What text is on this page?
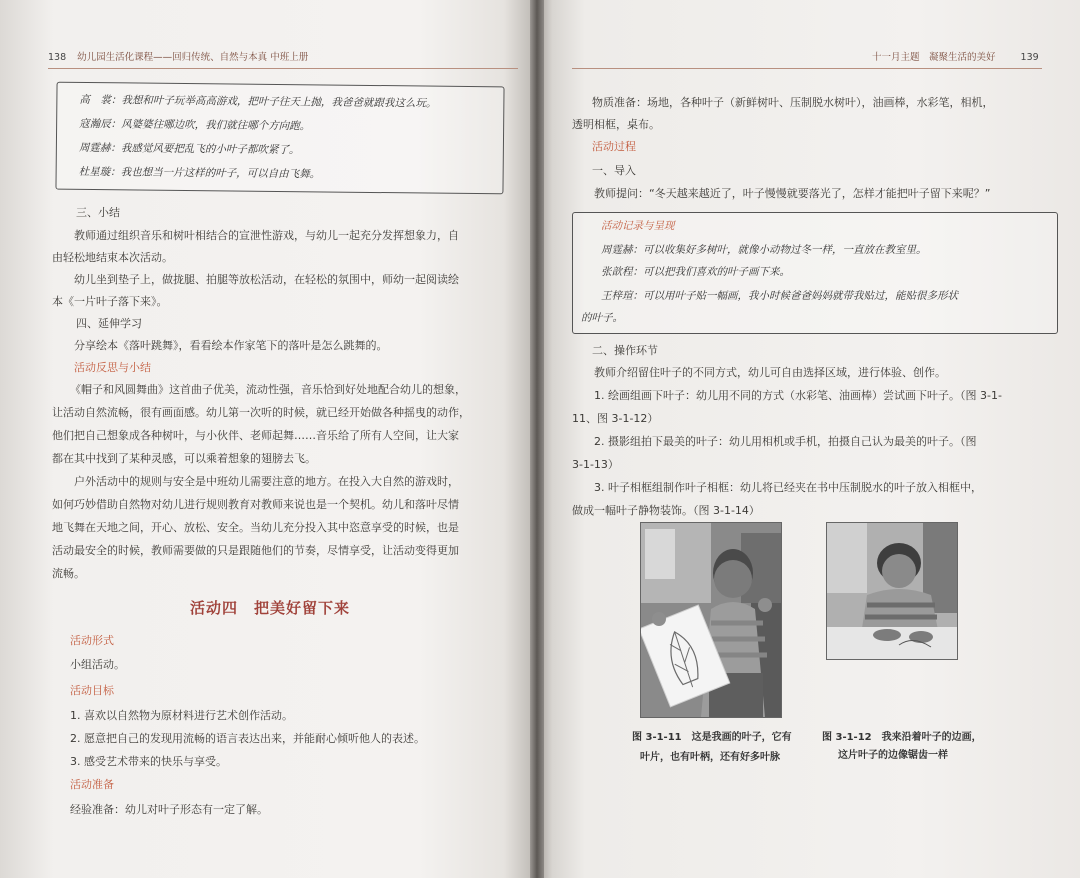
138 幼儿园生活化课程——回归传统、自然与本真 中班上册
高　裳：我想和叶子玩举高高游戏，把叶子往天上抛，我爸爸就跟我这么玩。
寇瀚辰：风婆婆往哪边吹，我们就往哪个方向跑。
周霆赫：我感觉风要把乱飞的小叶子都吹紧了。
杜星璇：我也想当一片这样的叶子，可以自由飞舞。
三、小结
教师通过组织音乐和树叶相结合的宣泄性游戏，与幼儿一起充分发挥想象力，自
由轻松地结束本次活动。
幼儿坐到垫子上，做拢腿、拍腿等放松活动，在轻松的氛围中，师幼一起阅读绘
本《一片叶子落下来》。
四、延伸学习
分享绘本《落叶跳舞》，看看绘本作家笔下的落叶是怎么跳舞的。
活动反思与小结
《帽子和风圆舞曲》这首曲子优美，流动性强，音乐恰到好处地配合幼儿的想象，
让活动自然流畅，很有画面感。幼儿第一次听的时候，就已经开始做各种摇曳的动作，
他们把自己想象成各种树叶，与小伙伴、老师起舞……音乐给了所有人空间，让大家
都在其中找到了某种灵感，可以乘着想象的翅膀去飞。
户外活动中的规则与安全是中班幼儿需要注意的地方。在投入大自然的游戏时，
如何巧妙借助自然物对幼儿进行规则教育对教师来说也是一个契机。幼儿和落叶尽情
地飞舞在天地之间，开心、放松、安全。当幼儿充分投入其中恣意享受的时候，也是
活动最安全的时候，教师需要做的只是跟随他们的节奏，尽情享受，让活动变得更加
流畅。
活动四　把美好留下来
活动形式
小组活动。
活动目标
1. 喜欢以自然物为原材料进行艺术创作活动。
2. 愿意把自己的发现用流畅的语言表达出来，并能耐心倾听他人的表述。
3. 感受艺术带来的快乐与享受。
活动准备
经验准备：幼儿对叶子形态有一定了解。
十一月主题　凝聚生活的美好	139
物质准备：场地，各种叶子（新鲜树叶、压制脱水树叶），油画棒，水彩笔，相机，
透明相框，桌布。
活动过程
一、导入
教师提问：“冬天越来越近了，叶子慢慢就要落光了，怎样才能把叶子留下来呢？”
活动记录与呈现
周霆赫：可以收集好多树叶，就像小动物过冬一样，一直放在教室里。
张歆程：可以把我们喜欢的叶子画下来。
王梓瑄：可以用叶子贴一幅画，我小时候爸爸妈妈就带我贴过，能贴很多形状
的叶子。
二、操作环节
教师介绍留住叶子的不同方式，幼儿可自由选择区域，进行体验、创作。
1. 绘画组画下叶子：幼儿用不同的方式（水彩笔、油画棒）尝试画下叶子。（图 3-1-
11、图 3-1-12）
2. 摄影组拍下最美的叶子：幼儿用相机或手机，拍摄自己认为最美的叶子。（图
3-1-13）
3. 叶子相框组制作叶子相框：幼儿将已经夹在书中压制脱水的叶子放入相框中，
做成一幅叶子静物装饰。（图 3-1-14）
图 3-1-11　这是我画的叶子，它有
叶片，也有叶柄，还有好多叶脉
图 3-1-12　我来沿着叶子的边画，
这片叶子的边像锯齿一样
